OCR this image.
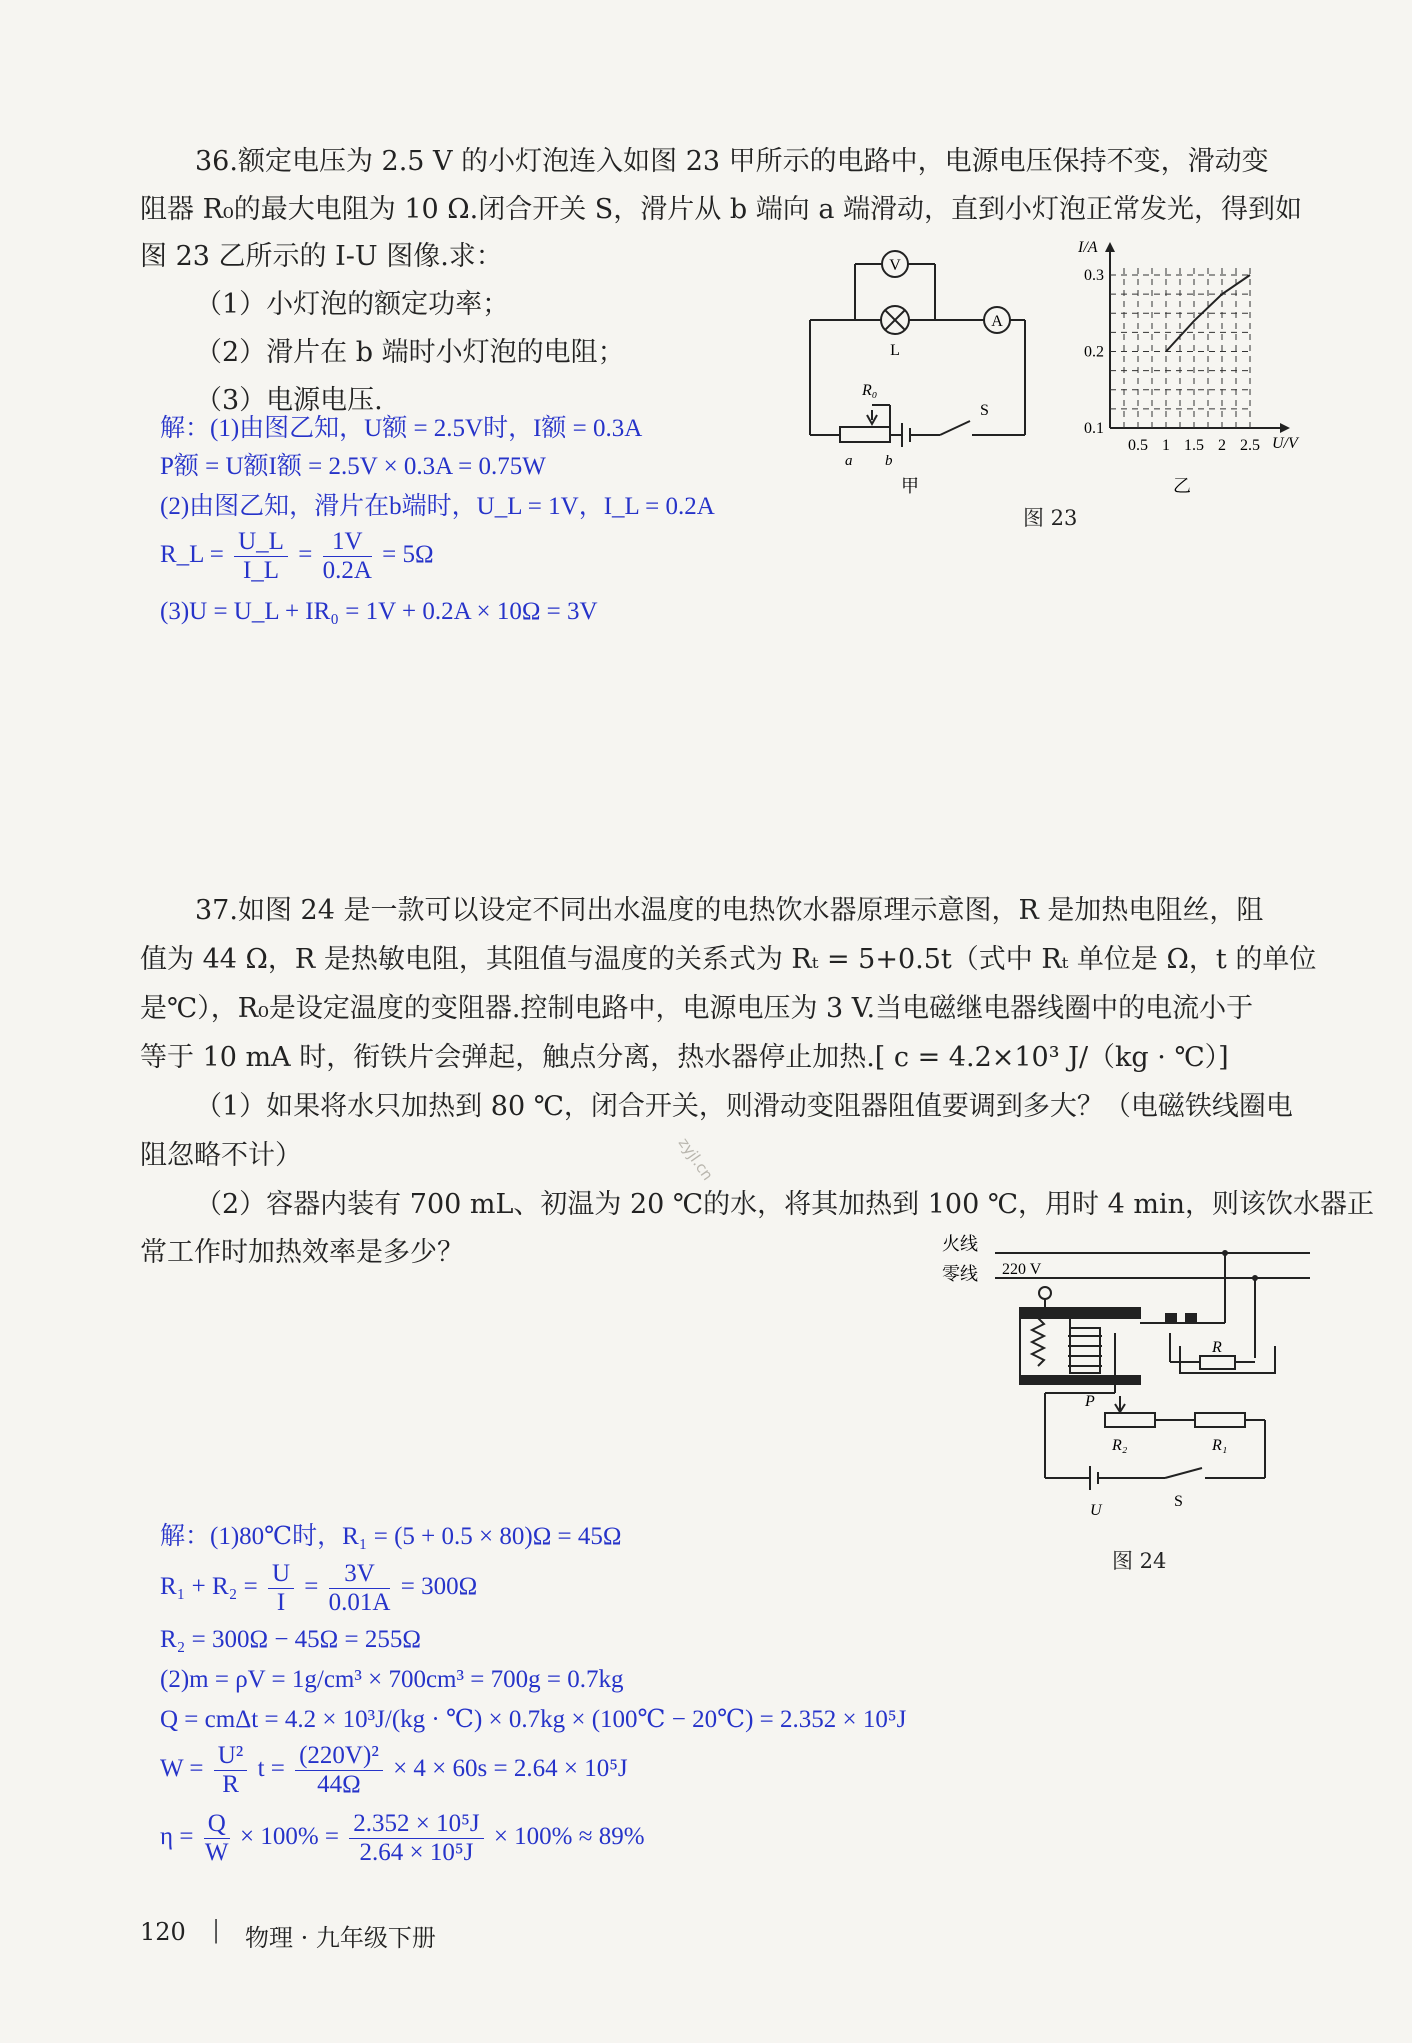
36.额定电压为 2.5 V 的小灯泡连入如图 23 甲所示的电路中，电源电压保持不变，滑动变
阻器 R₀的最大电阻为 10 Ω.闭合开关 S，滑片从 b 端向 a 端滑动，直到小灯泡正常发光，得到如
图 23 乙所示的 I-U 图像.求：
（1）小灯泡的额定功率；
（2）滑片在 b 端时小灯泡的电阻；
（3）电源电压.
解：(1)由图乙知，U额 = 2.5V时，I额 = 0.3A
P额 = U额I额 = 2.5V × 0.3A = 0.75W
(2)由图乙知，滑片在b端时，U_L = 1V，I_L = 0.2A
R_L = $\frac{U\_L}{I\_L} = \frac{1V}{0.2A} = 5\Omega$
(3)U = U_L + IR₀ = 1V + 0.2A × 10Ω = 3V
V
L
A
R₀
S
a b
甲
I/A
U/V
乙
0.5 1 1.5 2 2.5
0.1
0.2
0.3
图 23
37.如图 24 是一款可以设定不同出水温度的电热饮水器原理示意图，R 是加热电阻丝，阻
值为 44 Ω，R 是热敏电阻，其阻值与温度的关系式为 Rₜ = 5+0.5t（式中 Rₜ 单位是 Ω，t 的单位
是℃），R₀是设定温度的变阻器.控制电路中，电源电压为 3 V.当电磁继电器线圈中的电流小于
等于 10 mA 时，衔铁片会弹起，触点分离，热水器停止加热.[ c = 4.2×10³ J/（kg · ℃）]
（1）如果将水只加热到 80 ℃，闭合开关，则滑动变阻器阻值要调到多大？（电磁铁线圈电
阻忽略不计）
（2）容器内装有 700 mL、初温为 20 ℃的水，将其加热到 100 ℃，用时 4 min，则该饮水器正
常工作时加热效率是多少？
zyjl.cn
火线
零线 220 V
R
P
R₂	R₁
U
S
图 24
解：(1)80℃时，R₁ = (5 + 0.5 × 80)Ω = 45Ω
$R_1 + R_2 = \frac{U}{I} = \frac{3V}{0.01A} = 300\Omega$
R₂ = 300Ω − 45Ω = 255Ω
(2)m = ρV = 1g/cm³ × 700cm³ = 700g = 0.7kg
Q = cmΔt = 4.2 × 10³J/(kg · ℃) × 0.7kg × (100℃ − 20℃) = 2.352 × 10⁵J
$W = \frac{\text{U²}}{R}$ $t = \frac{\text{(220V)²}}{44\Omega} \times 4 \times 60s = 2.64 \times 10^5J$
$\eta = \frac{Q}{W} \times 100\% = \frac{\text{2.352 × 10⁵J}}{\text{2.64 × 10⁵J}} \times 100\% \approx 89\%$
120 | 物理 · 九年级下册
